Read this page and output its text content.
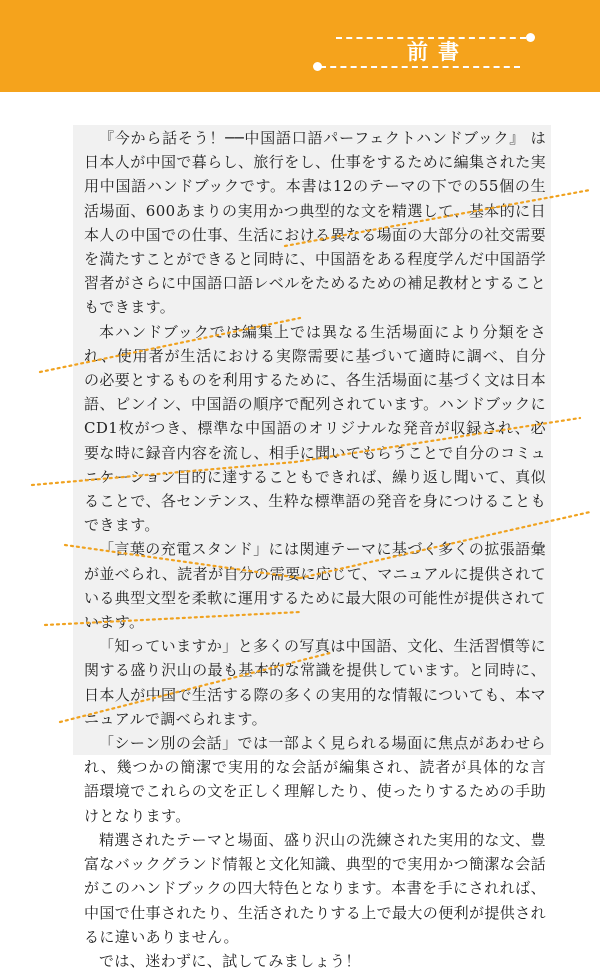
前書

『今から話そう！──中国語口語パーフェクトハンドブック』 は日本人が中国で暮らし、旅行をし、仕事をするために編集された実用中国語ハンドブックです。本書は12のテーマの下での55個の生活場面、600あまりの実用かつ典型的な文を精選して、基本的に日本人の中国での仕事、生活における異なる場面の大部分の社交需要を満たすことができると同時に、中国語をある程度学んだ中国語学習者がさらに中国語口語レベルをためるための補足教材とすることもできます。

本ハンドブックでは編集上では異なる生活場面により分類をされ、使用者が生活における実際需要に基づいて適時に調べ、自分の必要とするものを利用するために、各生活場面に基づく文は日本語、ピンイン、中国語の順序で配列されています。ハンドブックにCD1枚がつき、標準な中国語のオリジナルな発音が収録され、必要な時に録音内容を流し、相手に聞いてもらうことで自分のコミュニケーション目的に達することもできれば、繰り返し聞いて、真似ることで、各センテンス、生粋な標準語の発音を身につけることもできます。

「言葉の充電スタンド」には関連テーマに基づく多くの拡張語彙が並べられ、読者が自分の需要に応じて、マニュアルに提供されている典型文型を柔軟に運用するために最大限の可能性が提供されています。

「知っていますか」と多くの写真は中国語、文化、生活習慣等に関する盛り沢山の最も基本的な常識を提供しています。と同時に、日本人が中国で生活する際の多くの実用的な情報についても、本マニュアルで調べられます。

「シーン別の会話」では一部よく見られる場面に焦点があわせられ、幾つかの簡潔で実用的な会話が編集され、読者が具体的な言語環境でこれらの文を正しく理解したり、使ったりするための手助けとなります。

精選されたテーマと場面、盛り沢山の洗練された実用的な文、豊富なバックグランド情報と文化知識、典型的で実用かつ簡潔な会話がこのハンドブックの四大特色となります。本書を手にされれば、中国で仕事されたり、生活されたりする上で最大の便利が提供されるに違いありません。

では、迷わずに、試してみましょう！
